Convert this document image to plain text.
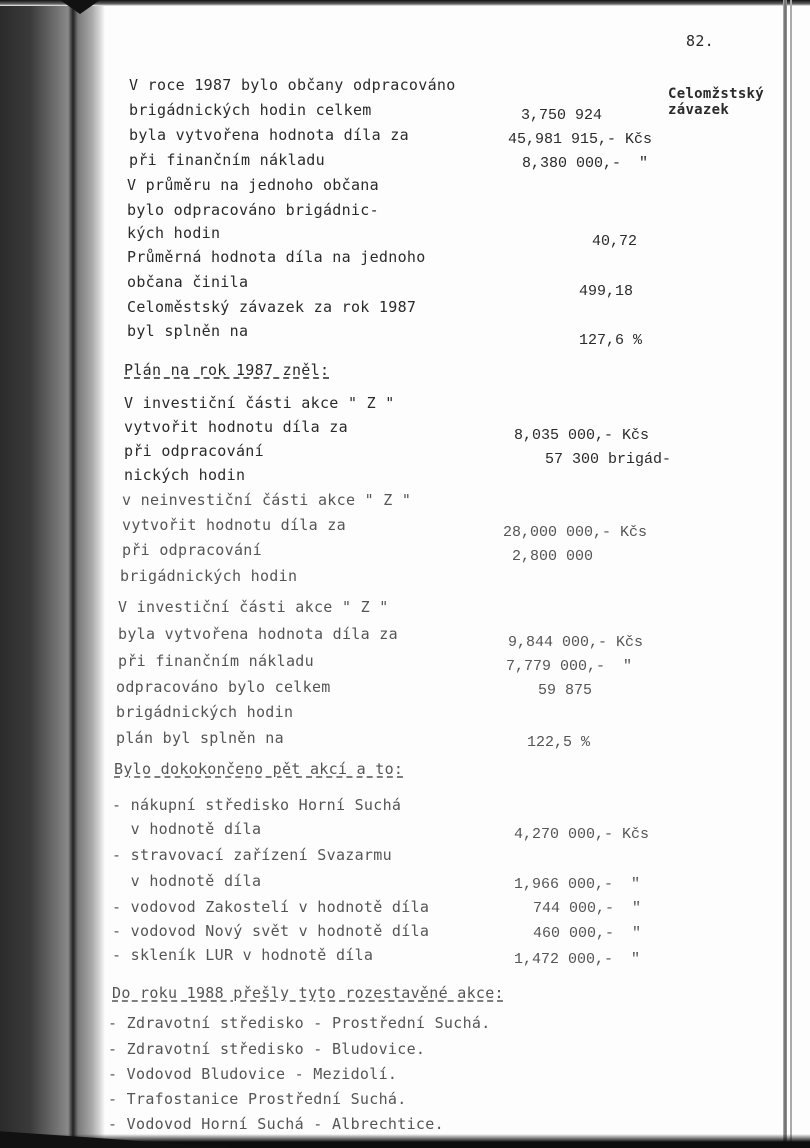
82.
Celomžstský
závazek
V roce 1987 bylo občany odpracováno
brigádnických hodin celkem
byla vytvořena hodnota díla za
při finančním nákladu
V průměru na jednoho občana
bylo odpracováno brigádnic-
kých hodin
Průměrná hodnota díla na jednoho
občana činila
Celoměstský závazek za rok 1987
byl splněn na
3,750 924
45,981 915,- Kčs
8,380 000,-  "
40,72
499,18
127,6 %
Plán na rok 1987 zněl:
V investiční části akce " Z "
vytvořit hodnotu díla za
při odpracování
nických hodin
v neinvestiční části akce " Z "
vytvořit hodnotu díla za
při odpracování
brigádnických hodin
8,035 000,- Kčs
57 300 brigád-
28,000 000,- Kčs
2,800 000
V investiční části akce " Z "
byla vytvořena hodnota díla za
při finančním nákladu
odpracováno bylo celkem
brigádnických hodin
plán byl splněn na
9,844 000,- Kčs
7,779 000,-  "
59 875
122,5 %
Bylo dokokončeno pět akcí a to:
- nákupní středisko Horní Suchá
v hodnotě díla
- stravovací zařízení Svazarmu
v hodnotě díla
- vodovod Zakostelí v hodnotě díla
- vodovod Nový svět v hodnotě díla
- skleník LUR v hodnotě díla
4,270 000,- Kčs
1,966 000,-  "
744 000,-  "
460 000,-  "
1,472 000,-  "
Do roku 1988 přešly tyto rozestavěné akce:
- Zdravotní středisko - Prostřední Suchá.
- Zdravotní středisko - Bludovice.
- Vodovod Bludovice - Mezidolí.
- Trafostanice Prostřední Suchá.
- Vodovod Horní Suchá - Albrechtice.
